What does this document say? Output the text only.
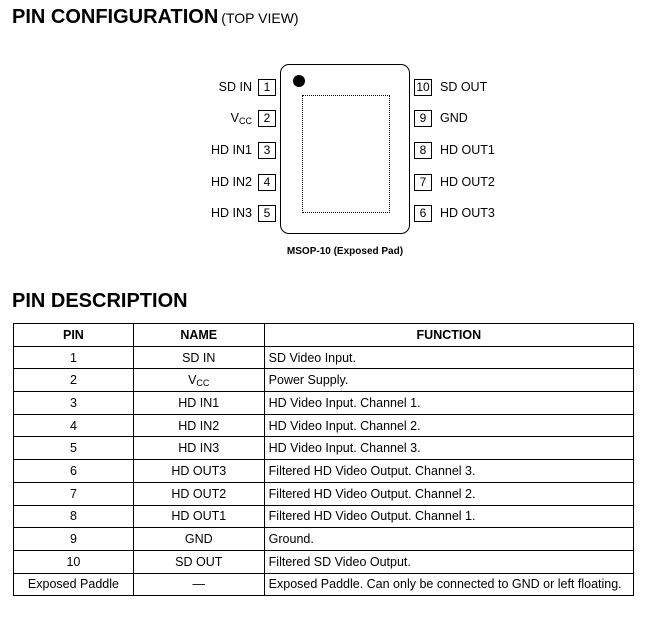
PIN CONFIGURATION (TOP VIEW)
MSOP-10 (Exposed Pad)
1
SD IN
2
$V_{CC}$
3
HD IN1
4
HD IN2
5
HD IN3
10 SD OUT
9	GND
8	HD OUT1
7	HD OUT2
6	HD OUT3
PIN DESCRIPTION
PIN	NAME	FUNCTION
1	SD IN	SD Video Input.
2	$V_{CC}$	Power Supply.
3	HD IN1	HD Video Input. Channel 1.
4	HD IN2	HD Video Input. Channel 2.
5	HD IN3	HD Video Input. Channel 3.
6	HD OUT3	Filtered HD Video Output. Channel 3.
7	HD OUT2	Filtered HD Video Output. Channel 2.
8	HD OUT1	Filtered HD Video Output. Channel 1.
9	GND	Ground.
10	SD OUT	Filtered SD Video Output.
Exposed Paddle	—	Exposed Paddle. Can only be connected to GND or left floating.
